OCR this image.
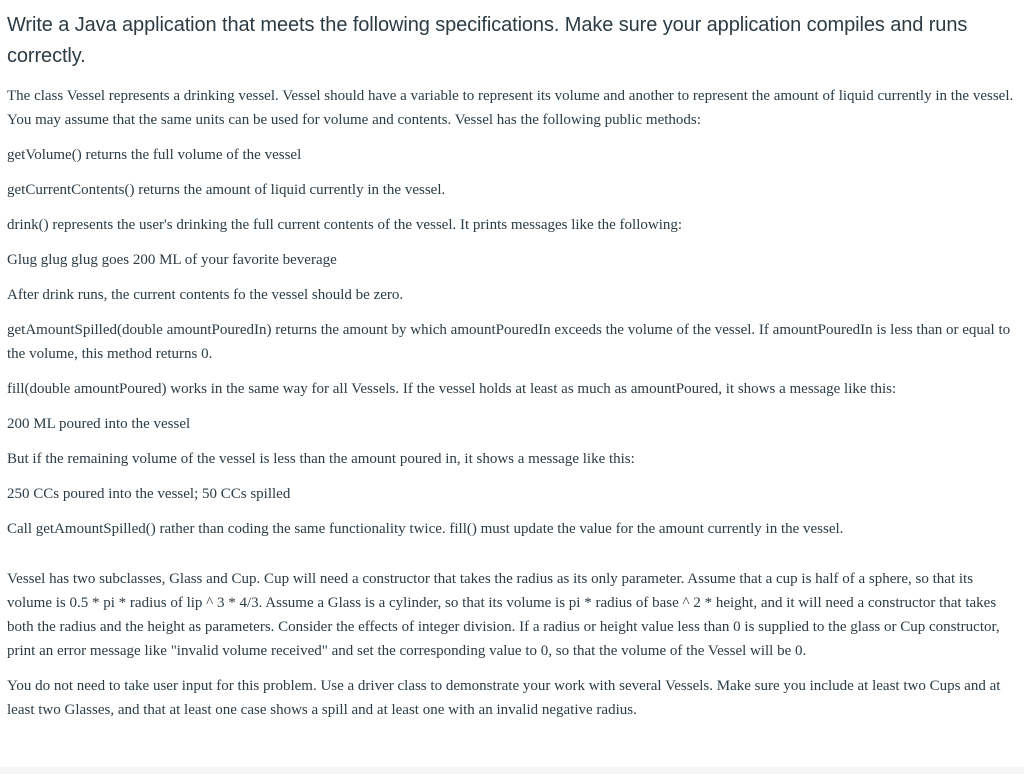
Write a Java application that meets the following specifications. Make sure your application compiles and runs correctly.

The class Vessel represents a drinking vessel. Vessel should have a variable to represent its volume and another to represent the amount of liquid currently in the vessel. You may assume that the same units can be used for volume and contents. Vessel has the following public methods:

getVolume() returns the full volume of the vessel

getCurrentContents() returns the amount of liquid currently in the vessel.

drink() represents the user's drinking the full current contents of the vessel. It prints messages like the following:

Glug glug glug goes 200 ML of your favorite beverage

After drink runs, the current contents fo the vessel should be zero.

getAmountSpilled(double amountPouredIn) returns the amount by which amountPouredIn exceeds the volume of the vessel. If amountPouredIn is less than or equal to the volume, this method returns 0.

fill(double amountPoured) works in the same way for all Vessels. If the vessel holds at least as much as amountPoured, it shows a message like this:

200 ML poured into the vessel

But if the remaining volume of the vessel is less than the amount poured in, it shows a message like this:

250 CCs poured into the vessel; 50 CCs spilled

Call getAmountSpilled() rather than coding the same functionality twice. fill() must update the value for the amount currently in the vessel.

Vessel has two subclasses, Glass and Cup. Cup will need a constructor that takes the radius as its only parameter. Assume that a cup is half of a sphere, so that its volume is 0.5 * pi * radius of lip ^ 3 * 4/3. Assume a Glass is a cylinder, so that its volume is pi * radius of base ^ 2 * height, and it will need a constructor that takes both the radius and the height as parameters. Consider the effects of integer division. If a radius or height value less than 0 is supplied to the glass or Cup constructor, print an error message like "invalid volume received" and set the corresponding value to 0, so that the volume of the Vessel will be 0.

You do not need to take user input for this problem. Use a driver class to demonstrate your work with several Vessels. Make sure you include at least two Cups and at least two Glasses, and that at least one case shows a spill and at least one with an invalid negative radius.
